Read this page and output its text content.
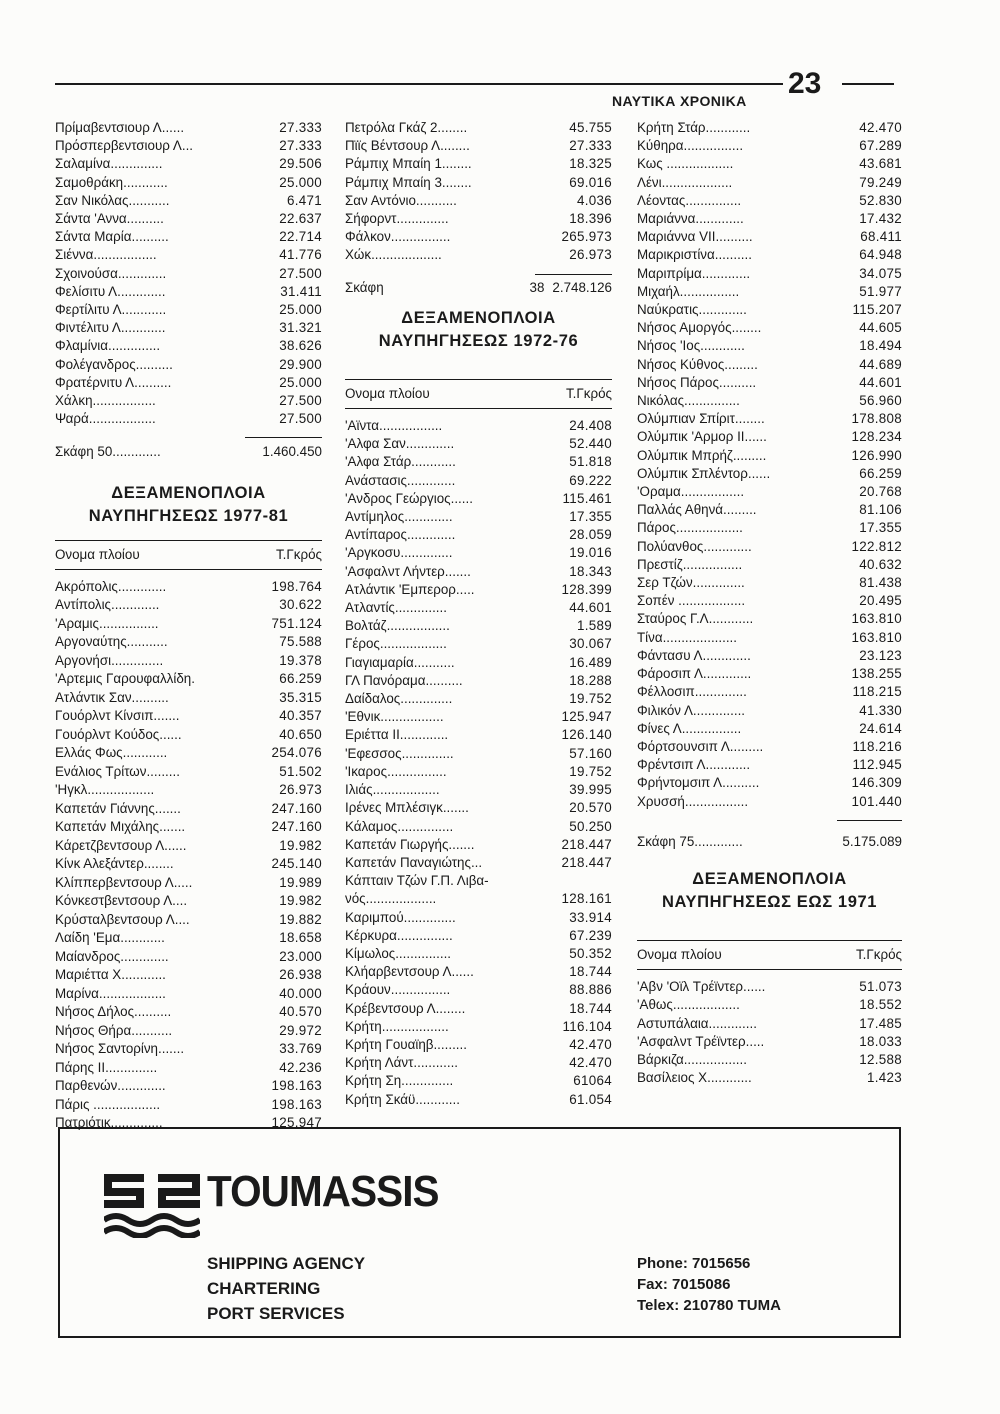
ΝΑΥΤΙΚΑ ΧΡΟΝΙΚΑ
23
Πρίμαβεντσιουρ Λ......	27.333
Πρόσπερβεντσιουρ Λ...	27.333
Σαλαμίνα..............	29.506
Σαμοθράκη............	25.000
Σαν Νικόλας...........	6.471
Σάντα 'Αννα..........	22.637
Σάντα Μαρία..........	22.714
Σιέννα.................	41.776
Σχοινούσα.............	27.500
Φελίσιτυ Λ.............	31.411
Φερτίλιτυ Λ............	25.000
Φιντέλιτυ Λ............	31.321
Φλαμίνια..............	38.626
Φολέγανδρος..........	29.900
Φρατέρνιτυ Λ..........	25.000
Χάλκη.................	27.500
Ψαρά..................	27.500
Σκάφη 50.............	1.460.450
ΔΕΞΑΜΕΝΟΠΛΟΙΑ
ΝΑΥΠΗΓΗΣΕΩΣ 1977-81
Ονομα πλοίου	Τ.Γκρός
Ακρόπολις.............	198.764
Αντίπολις.............	30.622
'Αραμις................	751.124
Αργοναύτης...........	75.588
Αργονήσι..............	19.378
'Αρτεμις Γαρουφαλλίδη.	66.259
Ατλάντικ Σαν..........	35.315
Γουόρλντ Κίνσιπ.......	40.357
Γουόρλντ Κούδος......	40.650
Ελλάς Φως............	254.076
Ενάλιος Τρίτων.........	51.502
'Ηγκλ..................	26.973
Καπετάν Γιάννης.......	247.160
Καπετάν Μιχάλης.......	247.160
Κάρετζβεντσουρ Λ......	19.982
Κίνκ Αλεξάντερ........	245.140
Κλίππερβεντσουρ Λ.....	19.989
Κόνκεστβεντσουρ Λ....	19.982
Κρύσταλβεντσουρ Λ....	19.882
Λαίδη 'Εμα............	18.658
Μαίανδρος.............	23.000
Μαριέττα Χ............	26.938
Μαρίνα..................	40.000
Νήσος Δήλος..........	40.570
Νήσος Θήρα...........	29.972
Νήσος Σαντορίνη.......	33.769
Πάρης ΙΙ..............	42.236
Παρθενών.............	198.163
Πάρις ..................	198.163
Πατριότικ..............	125.947
Πετρόλα Γκάζ 2........	45.755
Πϊϊς Βέντσουρ Λ........	27.333
Ράμπιχ Μπαίη 1........	18.325
Ράμπιχ Μπαίη 3........	69.016
Σαν Αντόνιο...........	4.036
Σήφορντ..............	18.396
Φάλκον................	265.973
Χώκ...................	26.973
Σκάφη	38 2.748.126
ΔΕΞΑΜΕΝΟΠΛΟΙΑ
ΝΑΥΠΗΓΗΣΕΩΣ 1972-76
Ονομα πλοίου	Τ.Γκρός
'Αϊντα.................	24.408
'Αλφα Σαν.............	52.440
'Αλφα Στάρ............	51.818
Ανάστασις.............	69.222
'Ανδρος Γεώργιος......	115.461
Αντίμηλος.............	17.355
Αντίπαρος.............	28.059
'Αργκοσυ..............	19.016
'Ασφαλντ Λήντερ.......	18.343
Ατλάντικ 'Εμπερορ.....	128.399
Ατλαντίς..............	44.601
Βολτάζ.................	1.589
Γέρος..................	30.067
Γιαγιαμαρία...........	16.489
ΓΛ Πανόραμα..........	18.288
Δαίδαλος..............	19.752
'Εθνικ.................	125.947
Εριέττα ΙΙ.............	126.140
'Εφεσσος..............	57.160
'Ικαρος................	19.752
Ιλιάς..................	39.995
Ιρένες Μπλέσιγκ.......	20.570
Κάλαμος...............	50.250
Καπετάν Γιωργής.......	218.447
Καπετάν Παναγιώτης...	218.447
Κάπταιν Τζών Γ.Π. Λιβα-
νός...................	128.161
Καριμπού..............	33.914
Κέρκυρα...............	67.239
Κίμωλος...............	50.352
Κλήαρβεντσουρ Λ......	18.744
Κράουν................	88.886
Κρέβεντσουρ Λ........	18.744
Κρήτη..................	116.104
Κρήτη Γουαϊηβ.........	42.470
Κρήτη Λάντ............	42.470
Κρήτη Ση..............	61064
Κρήτη Σκάϋ............	61.054
Κρήτη Στάρ............	42.470
Κύθηρα................	67.289
Κως ..................	43.681
Λένι...................	79.249
Λέοντας...............	52.830
Μαριάννα.............	17.432
Μαριάννα VII..........	68.411
Μαρικριστίνα..........	64.948
Μαριπρίμα.............	34.075
Μιχαήλ................	51.977
Ναύκρατις.............	115.207
Νήσος Αμοργός........	44.605
Νήσος 'Ιος............	18.494
Νήσος Κύθνος.........	44.689
Νήσος Πάρος..........	44.601
Νικόλας...............	56.960
Ολύμπιαν Σπίριτ........	178.808
Ολύμπικ 'Αρμορ ΙΙ......	128.234
Ολύμπικ Μπρήζ.........	126.990
Ολύμπικ Σπλέντορ......	66.259
'Οραμα.................	20.768
Παλλάς Αθηνά.........	81.106
Πάρος..................	17.355
Πολύανθος.............	122.812
Πρεστίζ................	40.632
Σερ Τζών..............	81.438
Σοπέν ..................	20.495
Σταύρος Γ.Λ............	163.810
Τίνα....................	163.810
Φάντασυ Λ.............	23.123
Φάροσιπ Λ.............	138.255
Φέλλοσιπ..............	118.215
Φιλικόν Λ..............	41.330
Φίνες Λ................	24.614
Φόρτσουνσιπ Λ.........	118.216
Φρέντσιπ Λ............	112.945
Φρήντομσιπ Λ..........	146.309
Χρυσσή.................	101.440
Σκάφη 75.............	5.175.089
ΔΕΞΑΜΕΝΟΠΛΟΙΑ
ΝΑΥΠΗΓΗΣΕΩΣ ΕΩΣ 1971
Ονομα πλοίου	Τ.Γκρός
'Αβν 'Οϊλ Τρέϊντερ......	51.073
'Αθως..................	18.552
Αστυπάλαια.............	17.485
'Ασφαλντ Τρέϊντερ.....	18.033
Βάρκιζα.................	12.588
Βασίλειος Χ............	1.423
TOUMASSIS
SHIPPING AGENCY
CHARTERING
PORT SERVICES
Phone: 7015656
Fax: 7015086
Telex: 210780 TUMA
